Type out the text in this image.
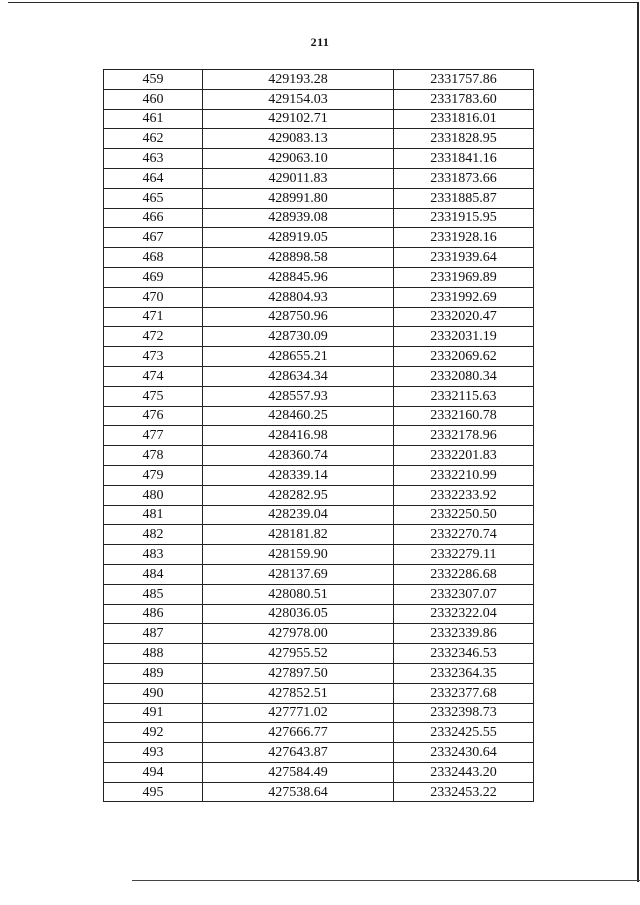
211
459	429193.28	2331757.86
460	429154.03	2331783.60
461	429102.71	2331816.01
462	429083.13	2331828.95
463	429063.10	2331841.16
464	429011.83	2331873.66
465	428991.80	2331885.87
466	428939.08	2331915.95
467	428919.05	2331928.16
468	428898.58	2331939.64
469	428845.96	2331969.89
470	428804.93	2331992.69
471	428750.96	2332020.47
472	428730.09	2332031.19
473	428655.21	2332069.62
474	428634.34	2332080.34
475	428557.93	2332115.63
476	428460.25	2332160.78
477	428416.98	2332178.96
478	428360.74	2332201.83
479	428339.14	2332210.99
480	428282.95	2332233.92
481	428239.04	2332250.50
482	428181.82	2332270.74
483	428159.90	2332279.11
484	428137.69	2332286.68
485	428080.51	2332307.07
486	428036.05	2332322.04
487	427978.00	2332339.86
488	427955.52	2332346.53
489	427897.50	2332364.35
490	427852.51	2332377.68
491	427771.02	2332398.73
492	427666.77	2332425.55
493	427643.87	2332430.64
494	427584.49	2332443.20
495	427538.64	2332453.22
